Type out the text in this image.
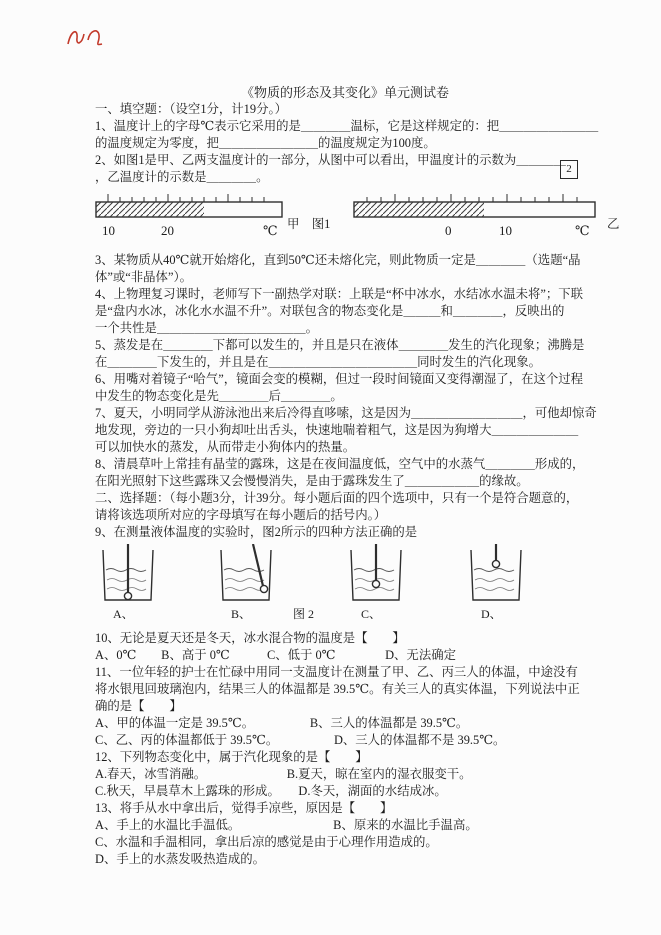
2
《物质的形态及其变化》单元测试卷
一、填空题：（设空1分，计19分。）
1、温度计上的字母℃表示它采用的是＿＿＿＿温标，它是这样规定的：把＿＿＿＿＿＿＿＿
的温度规定为零度，把＿＿＿＿＿＿＿＿的温度规定为100度。
2、如图1是甲、乙两支温度计的一部分，从图中可以看出，甲温度计的示数为＿＿＿＿
，乙温度计的示数是＿＿＿＿。
10	20	℃	0	10	℃
甲　图1	乙
3、某物质从40℃就开始熔化，直到50℃还未熔化完，则此物质一定是＿＿＿＿（选题“晶
体”或“非晶体”）。
4、上物理复习课时，老师写下一副热学对联：上联是“杯中冰水，水结冰水温未将”；下联
是“盘内水冰，冰化水水温不升”。对联包含的物态变化是＿＿＿和＿＿＿＿，反映出的
一个共性是＿＿＿＿＿＿＿＿＿＿＿＿。
5、蒸发是在＿＿＿＿下都可以发生的，并且是只在液体＿＿＿＿发生的汽化现象；沸腾是
在＿＿＿＿下发生的，并且是在＿＿＿＿＿＿＿＿＿＿＿＿同时发生的汽化现象。
6、用嘴对着镜子“哈气”，镜面会变的模糊，但过一段时间镜面又变得潮湿了，在这个过程
中发生的物态变化是先＿＿＿＿后＿＿＿＿。
7、夏天，小明同学从游泳池出来后冷得直哆嗦，这是因为＿＿＿＿＿＿＿＿＿，可他却惊奇
地发现，旁边的一只小狗却吐出舌头，快速地喘着粗气，这是因为狗增大＿＿＿＿＿＿＿
可以加快水的蒸发，从而带走小狗体内的热量。
8、清晨草叶上常挂有晶莹的露珠，这是在夜间温度低，空气中的水蒸气＿＿＿＿形成的，
在阳光照射下这些露珠又会慢慢消失，是由于露珠发生了＿＿＿＿＿＿的缘故。
二、选择题：（每小题3分，计39分。每小题后面的四个选项中，只有一个是符合题意的，
请将该选项所对应的字母填写在每小题后的括号内。）
9、在测量液体温度的实验时，图2所示的四种方法正确的是
A、	B、	图 2	C、	D、
10、无论是夏天还是冬天，冰水混合物的温度是【　　】
A、0℃　　B、高于 0℃　　　C、低于 0℃　　　　D、无法确定
11、一位年轻的护士在忙碌中用同一支温度计在测量了甲、乙、丙三人的体温，中途没有
将水银甩回玻璃泡内，结果三人的体温都是 39.5℃。有关三人的真实体温，下列说法中正
确的是【　　】
A、甲的体温一定是 39.5℃。　　　　　B、三人的体温都是 39.5℃。
C、乙、丙的体温都低于 39.5℃。　　　　　D、三人的体温都不是 39.5℃。
12、下列物态变化中，属于汽化现象的是【　　】
A.春天，冰雪消融。　　　　　　　B.夏天，晾在室内的湿衣服变干。
C.秋天，早晨草木上露珠的形成。　　D.冬天，湖面的水结成冰。
13、将手从水中拿出后，觉得手凉些，原因是【　　】
A、手上的水温比手温低。　　　　　　　　B、原来的水温比手温高。
C、水温和手温相同，拿出后凉的感觉是由于心理作用造成的。
D、手上的水蒸发吸热造成的。
